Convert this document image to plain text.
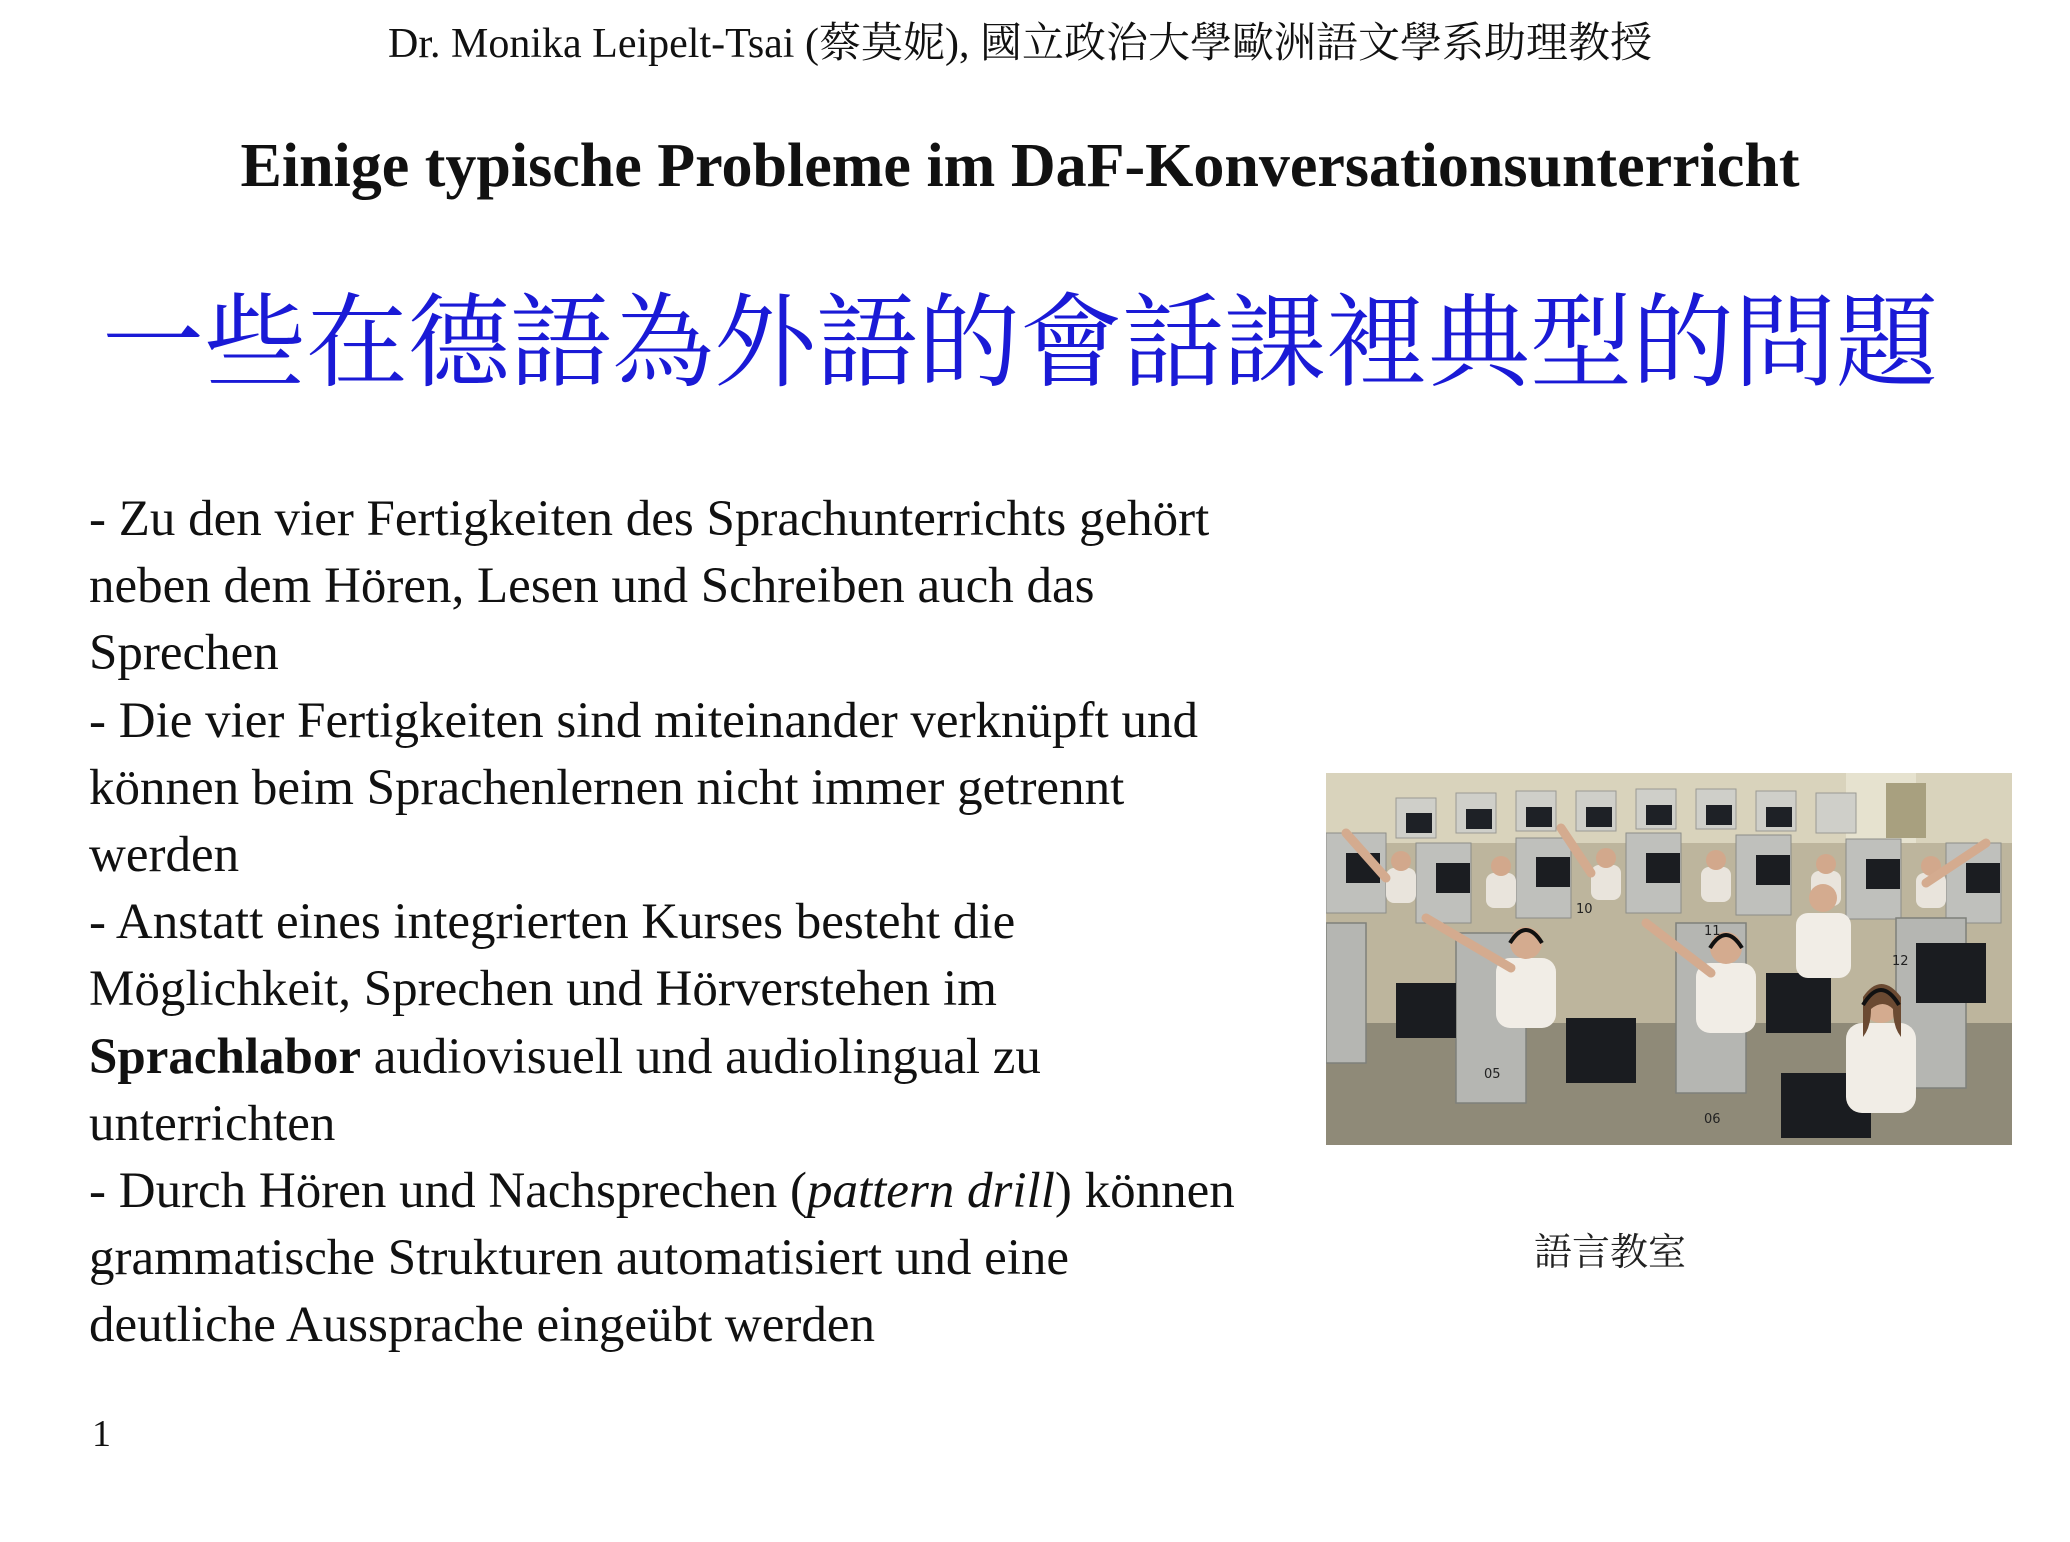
Dr. Monika Leipelt-Tsai (蔡莫妮), 國立政治大學歐洲語文學系助理教授
Einige typische Probleme im DaF-Konversationsunterricht
一些在德語為外語的會話課裡典型的問題
- Zu den vier Fertigkeiten des Sprachunterrichts gehört
neben dem Hören, Lesen und Schreiben auch das
Sprechen
- Die vier Fertigkeiten sind miteinander verknüpft und
können beim Sprachenlernen nicht immer getrennt
werden
- Anstatt eines integrierten Kurses besteht die
Möglichkeit, Sprechen und Hörverstehen im
Sprachlabor audiovisuell und audiolingual zu
unterrichten
- Durch Hören und Nachsprechen (pattern drill) können
grammatische Strukturen automatisiert und eine
deutliche Aussprache eingeübt werden
05
06
10
11
12
語言教室
1
